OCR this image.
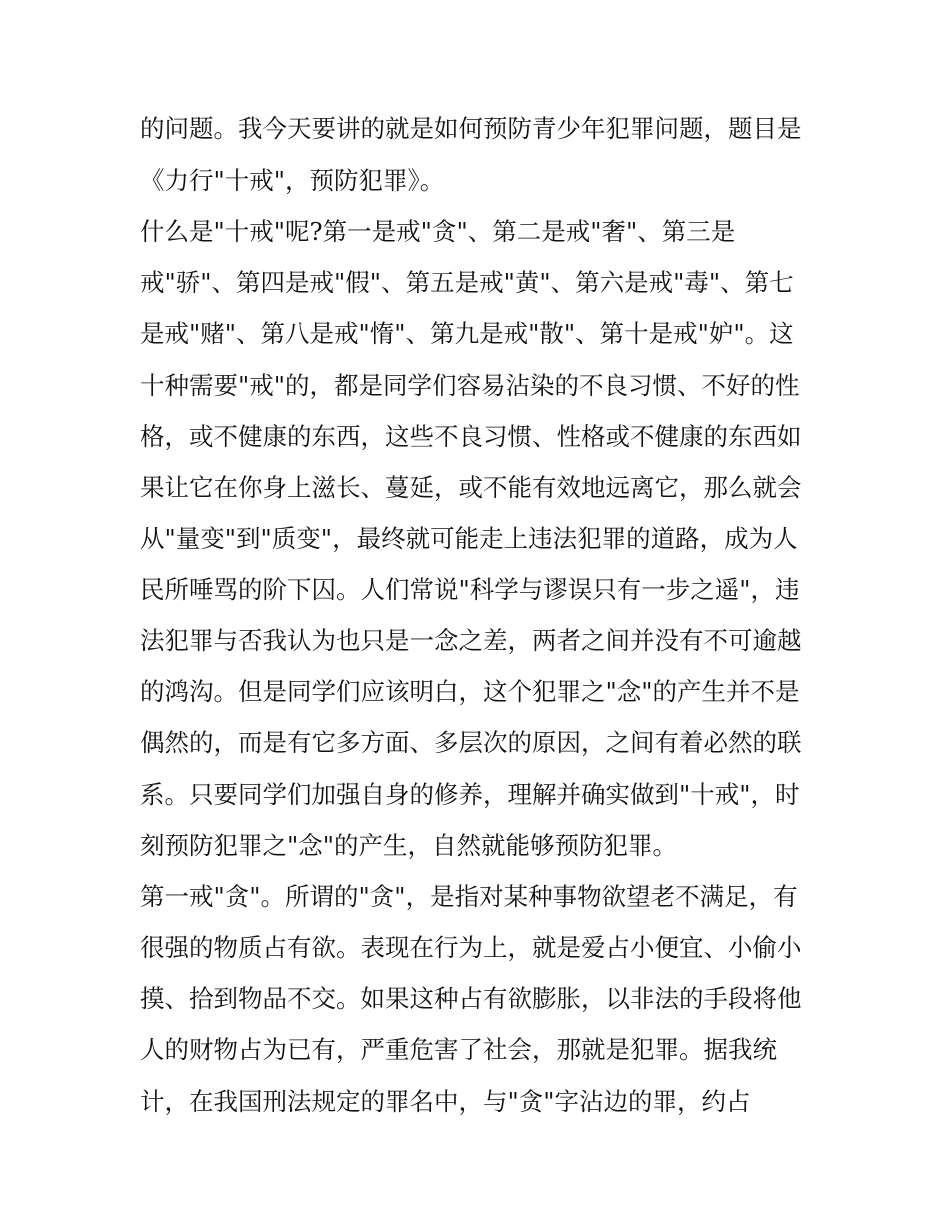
的问题。我今天要讲的就是如何预防青少年犯罪问题，题目是

《力行"十戒"，预防犯罪》。

什么是"十戒"呢?第一是戒"贪"、第二是戒"奢"、第三是

戒"骄"、第四是戒"假"、第五是戒"黄"、第六是戒"毒"、第七

是戒"赌"、第八是戒"惰"、第九是戒"散"、第十是戒"妒"。这

十种需要"戒"的，都是同学们容易沾染的不良习惯、不好的性

格，或不健康的东西，这些不良习惯、性格或不健康的东西如

果让它在你身上滋长、蔓延，或不能有效地远离它，那么就会

从"量变"到"质变"，最终就可能走上违法犯罪的道路，成为人

民所唾骂的阶下囚。人们常说"科学与谬误只有一步之遥"，违

法犯罪与否我认为也只是一念之差，两者之间并没有不可逾越

的鸿沟。但是同学们应该明白，这个犯罪之"念"的产生并不是

偶然的，而是有它多方面、多层次的原因，之间有着必然的联

系。只要同学们加强自身的修养，理解并确实做到"十戒"，时

刻预防犯罪之"念"的产生，自然就能够预防犯罪。

第一戒"贪"。所谓的"贪"，是指对某种事物欲望老不满足，有

很强的物质占有欲。表现在行为上，就是爱占小便宜、小偷小

摸、拾到物品不交。如果这种占有欲膨胀，以非法的手段将他

人的财物占为已有，严重危害了社会，那就是犯罪。据我统

计，在我国刑法规定的罪名中，与"贪"字沾边的罪，约占
